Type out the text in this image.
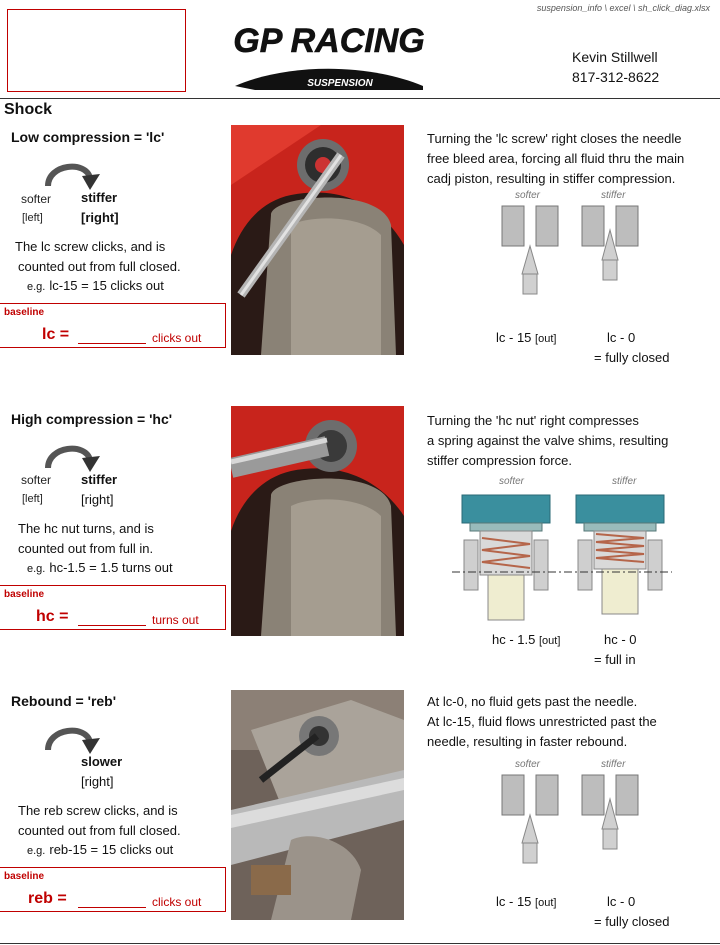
suspension_info \ excel \ sh_click_diag.xlsx
GP RACING
SUSPENSION
Kevin Stillwell
817-312-8622
Shock
Low compression = 'lc'
softer stiffer
[left]	[right]
The lc screw clicks, and is
counted out from full closed.
e.g. lc-15 = 15 clicks out
baseline
lc =	clicks out
Turning the 'lc screw' right closes the needle
free bleed area, forcing all fluid thru the main
cadj piston, resulting in stiffer compression.
softer	stiffer
lc - 15 [out]	lc - 0
= fully closed
High compression = 'hc'
softer stiffer
[left]	[right]
The hc nut turns, and is
counted out from full in.
e.g. hc-1.5 = 1.5 turns out
baseline
hc =	turns out
Turning the 'hc nut' right compresses
a spring against the valve shims, resulting
stiffer compression force.
softer	stiffer
hc - 1.5 [out]	hc - 0
= full in
Rebound = 'reb'
slower
[right]
The reb screw clicks, and is
counted out from full closed.
e.g. reb-15 = 15 clicks out
baseline
reb =	clicks out
At lc-0, no fluid gets past the needle.
At lc-15, fluid flows unrestricted past the
needle, resulting in faster rebound.
softer	stiffer
lc - 15 [out]	lc - 0
= fully closed
